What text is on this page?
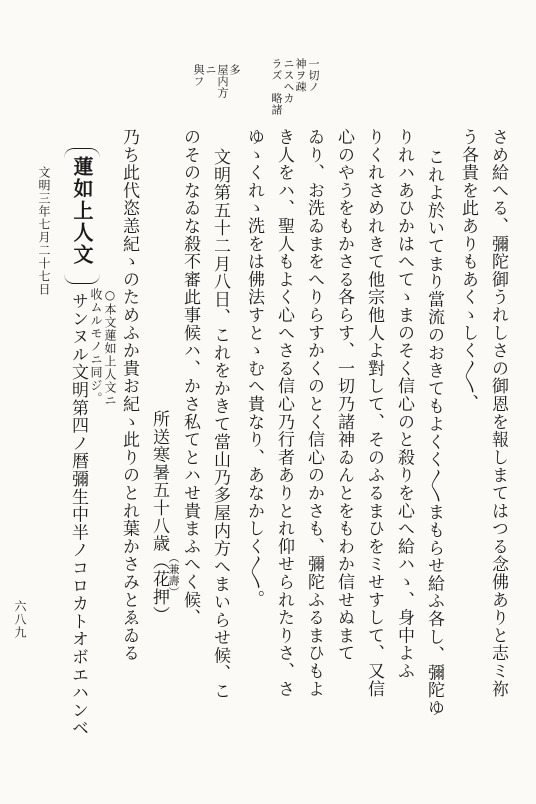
一切ノ
神ヲ疎
ニスヘカ
ラズ　略諸
多
屋内方
ニ
與フ
さめ給へる、彌陀御うれしさの御恩を報しまてはつる念佛ありと志ミ祢
う各貴を此ありもあくゝしく〳〵、
これよ於いてまり當流のおきてもよくく〳〵まもらせ給ふ各し、彌陀ゆ
りれハあひかはへてゝまのそく信心のと殺りを心へ給ハゝ、身中よふ
りくれさめれきて他宗他人よ對して、そのふるまひをミせすして、又信
心のやうをもかさる各らす、一切乃諸神ゐんとをもわか信せぬまて
ゐり、お洗ゐまをへりらすかくのとく信心のかさも、彌陀ふるまひもよ
き人をハ、聖人もよく心へさる信心乃行者ありとれ仰せられたりさ、さ
ゆゝくれゝ洗をは佛法すとゝむへ貴なり、あなかしく〳〵。
文明第五十二月八日、これをかきて當山乃多屋内方へまいらせ候、こ
のそのなゐな殺不審此事候ハ、かさ私てとハせ貴まふへく候、
所送寒暑五十八歳（花押）
（兼壽）
乃ち此代恣恙紀ゝのためふか貴お紀ゝ此りのとれ葉かさみとゑゐる
蓮如上人文
○本文蓮如上人文ニ
收ムルモノニ同ジ。
サンヌル文明第四ノ暦彌生中半ノコロカトオボエハンベ
文明三年七月二十七日
六八九
